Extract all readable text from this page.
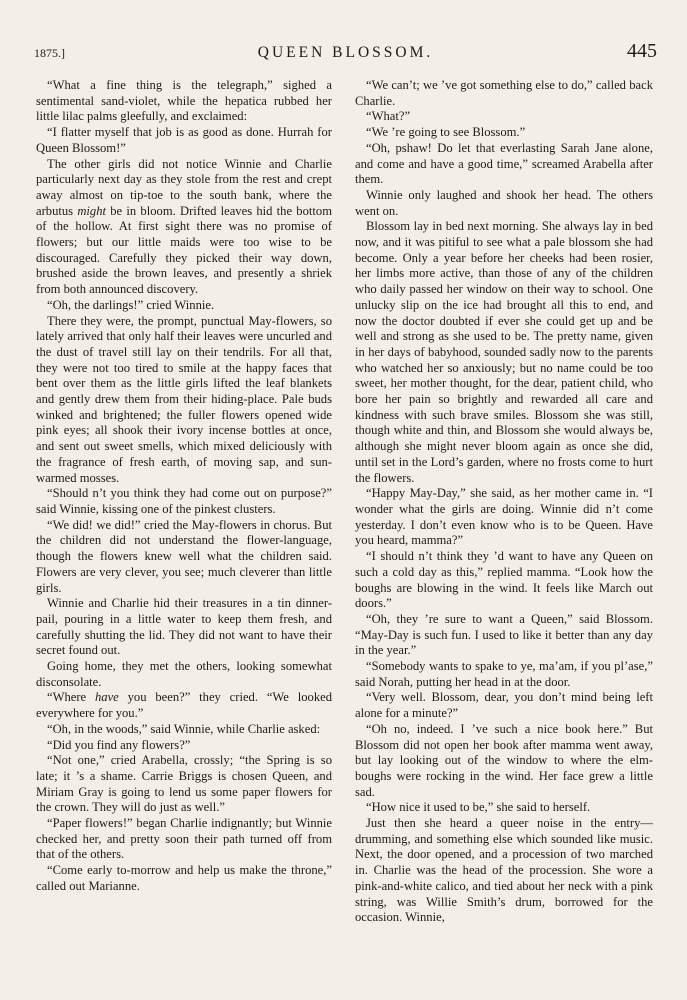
1875.]	QUEEN BLOSSOM.	445

“What a fine thing is the telegraph,” sighed a sentimental sand-violet, while the hepatica rubbed her little lilac palms gleefully, and exclaimed:

“I flatter myself that job is as good as done. Hurrah for Queen Blossom!”

The other girls did not notice Winnie and Charlie particularly next day as they stole from the rest and crept away almost on tip-toe to the south bank, where the arbutus might be in bloom. Drifted leaves hid the bottom of the hollow. At first sight there was no promise of flowers; but our little maids were too wise to be discouraged. Carefully they picked their way down, brushed aside the brown leaves, and presently a shriek from both announced discovery.

“Oh, the darlings!” cried Winnie.

There they were, the prompt, punctual May-flowers, so lately arrived that only half their leaves were uncurled and the dust of travel still lay on their tendrils. For all that, they were not too tired to smile at the happy faces that bent over them as the little girls lifted the leaf blankets and gently drew them from their hiding-place. Pale buds winked and brightened; the fuller flowers opened wide pink eyes; all shook their ivory incense bottles at once, and sent out sweet smells, which mixed deliciously with the fragrance of fresh earth, of moving sap, and sun-warmed mosses.

“Should n’t you think they had come out on purpose?” said Winnie, kissing one of the pinkest clusters.

“We did! we did!” cried the May-flowers in chorus. But the children did not understand the flower-language, though the flowers knew well what the children said. Flowers are very clever, you see; much cleverer than little girls.

Winnie and Charlie hid their treasures in a tin dinner-pail, pouring in a little water to keep them fresh, and carefully shutting the lid. They did not want to have their secret found out.

Going home, they met the others, looking somewhat disconsolate.

“Where have you been?” they cried. “We looked everywhere for you.”

“Oh, in the woods,” said Winnie, while Charlie asked:

“Did you find any flowers?”

“Not one,” cried Arabella, crossly; “the Spring is so late; it ’s a shame. Carrie Briggs is chosen Queen, and Miriam Gray is going to lend us some paper flowers for the crown. They will do just as well.”

“Paper flowers!” began Charlie indignantly; but Winnie checked her, and pretty soon their path turned off from that of the others.

“Come early to-morrow and help us make the throne,” called out Marianne.

“We can’t; we ’ve got something else to do,” called back Charlie.

“What?”

“We ’re going to see Blossom.”

“Oh, pshaw! Do let that everlasting Sarah Jane alone, and come and have a good time,” screamed Arabella after them.

Winnie only laughed and shook her head. The others went on.

Blossom lay in bed next morning. She always lay in bed now, and it was pitiful to see what a pale blossom she had become. Only a year before her cheeks had been rosier, her limbs more active, than those of any of the children who daily passed her window on their way to school. One unlucky slip on the ice had brought all this to end, and now the doctor doubted if ever she could get up and be well and strong as she used to be. The pretty name, given in her days of babyhood, sounded sadly now to the parents who watched her so anxiously; but no name could be too sweet, her mother thought, for the dear, patient child, who bore her pain so brightly and rewarded all care and kindness with such brave smiles. Blossom she was still, though white and thin, and Blossom she would always be, although she might never bloom again as once she did, until set in the Lord’s garden, where no frosts come to hurt the flowers.

“Happy May-Day,” she said, as her mother came in. “I wonder what the girls are doing. Winnie did n’t come yesterday. I don’t even know who is to be Queen. Have you heard, mamma?”

“I should n’t think they ’d want to have any Queen on such a cold day as this,” replied mamma. “Look how the boughs are blowing in the wind. It feels like March out doors.”

“Oh, they ’re sure to want a Queen,” said Blossom. “May-Day is such fun. I used to like it better than any day in the year.”

“Somebody wants to spake to ye, ma’am, if you pl’ase,” said Norah, putting her head in at the door.

“Very well. Blossom, dear, you don’t mind being left alone for a minute?”

“Oh no, indeed. I ’ve such a nice book here.” But Blossom did not open her book after mamma went away, but lay looking out of the window to where the elm-boughs were rocking in the wind. Her face grew a little sad.

“How nice it used to be,” she said to herself.

Just then she heard a queer noise in the entry—drumming, and something else which sounded like music. Next, the door opened, and a procession of two marched in. Charlie was the head of the procession. She wore a pink-and-white calico, and tied about her neck with a pink string, was Willie Smith’s drum, borrowed for the occasion. Winnie,
